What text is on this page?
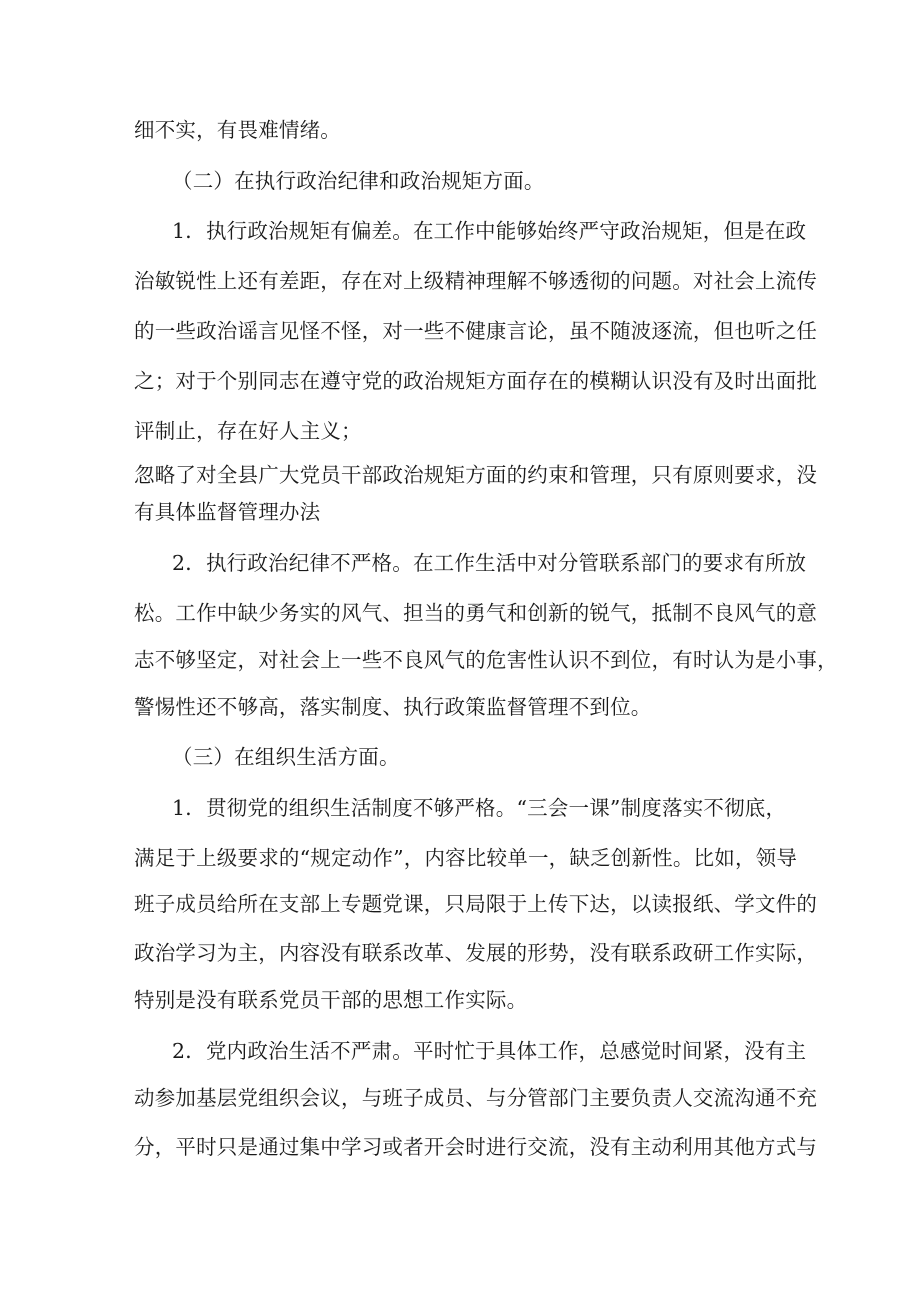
细不实，有畏难情绪。
（二）在执行政治纪律和政治规矩方面。
1．执行政治规矩有偏差。在工作中能够始终严守政治规矩，但是在政
治敏锐性上还有差距，存在对上级精神理解不够透彻的问题。对社会上流传
的一些政治谣言见怪不怪，对一些不健康言论，虽不随波逐流，但也听之任
之；对于个别同志在遵守党的政治规矩方面存在的模糊认识没有及时出面批
评制止，存在好人主义；
忽略了对全县广大党员干部政治规矩方面的约束和管理，只有原则要求，没
有具体监督管理办法
2．执行政治纪律不严格。在工作生活中对分管联系部门的要求有所放
松。工作中缺少务实的风气、担当的勇气和创新的锐气，抵制不良风气的意
志不够坚定，对社会上一些不良风气的危害性认识不到位，有时认为是小事，
警惕性还不够高，落实制度、执行政策监督管理不到位。
（三）在组织生活方面。
1．贯彻党的组织生活制度不够严格。“三会一课”制度落实不彻底，
满足于上级要求的“规定动作”，内容比较单一，缺乏创新性。比如，领导
班子成员给所在支部上专题党课，只局限于上传下达，以读报纸、学文件的
政治学习为主，内容没有联系改革、发展的形势，没有联系政研工作实际，
特别是没有联系党员干部的思想工作实际。
2．党内政治生活不严肃。平时忙于具体工作，总感觉时间紧，没有主
动参加基层党组织会议，与班子成员、与分管部门主要负责人交流沟通不充
分，平时只是通过集中学习或者开会时进行交流，没有主动利用其他方式与
